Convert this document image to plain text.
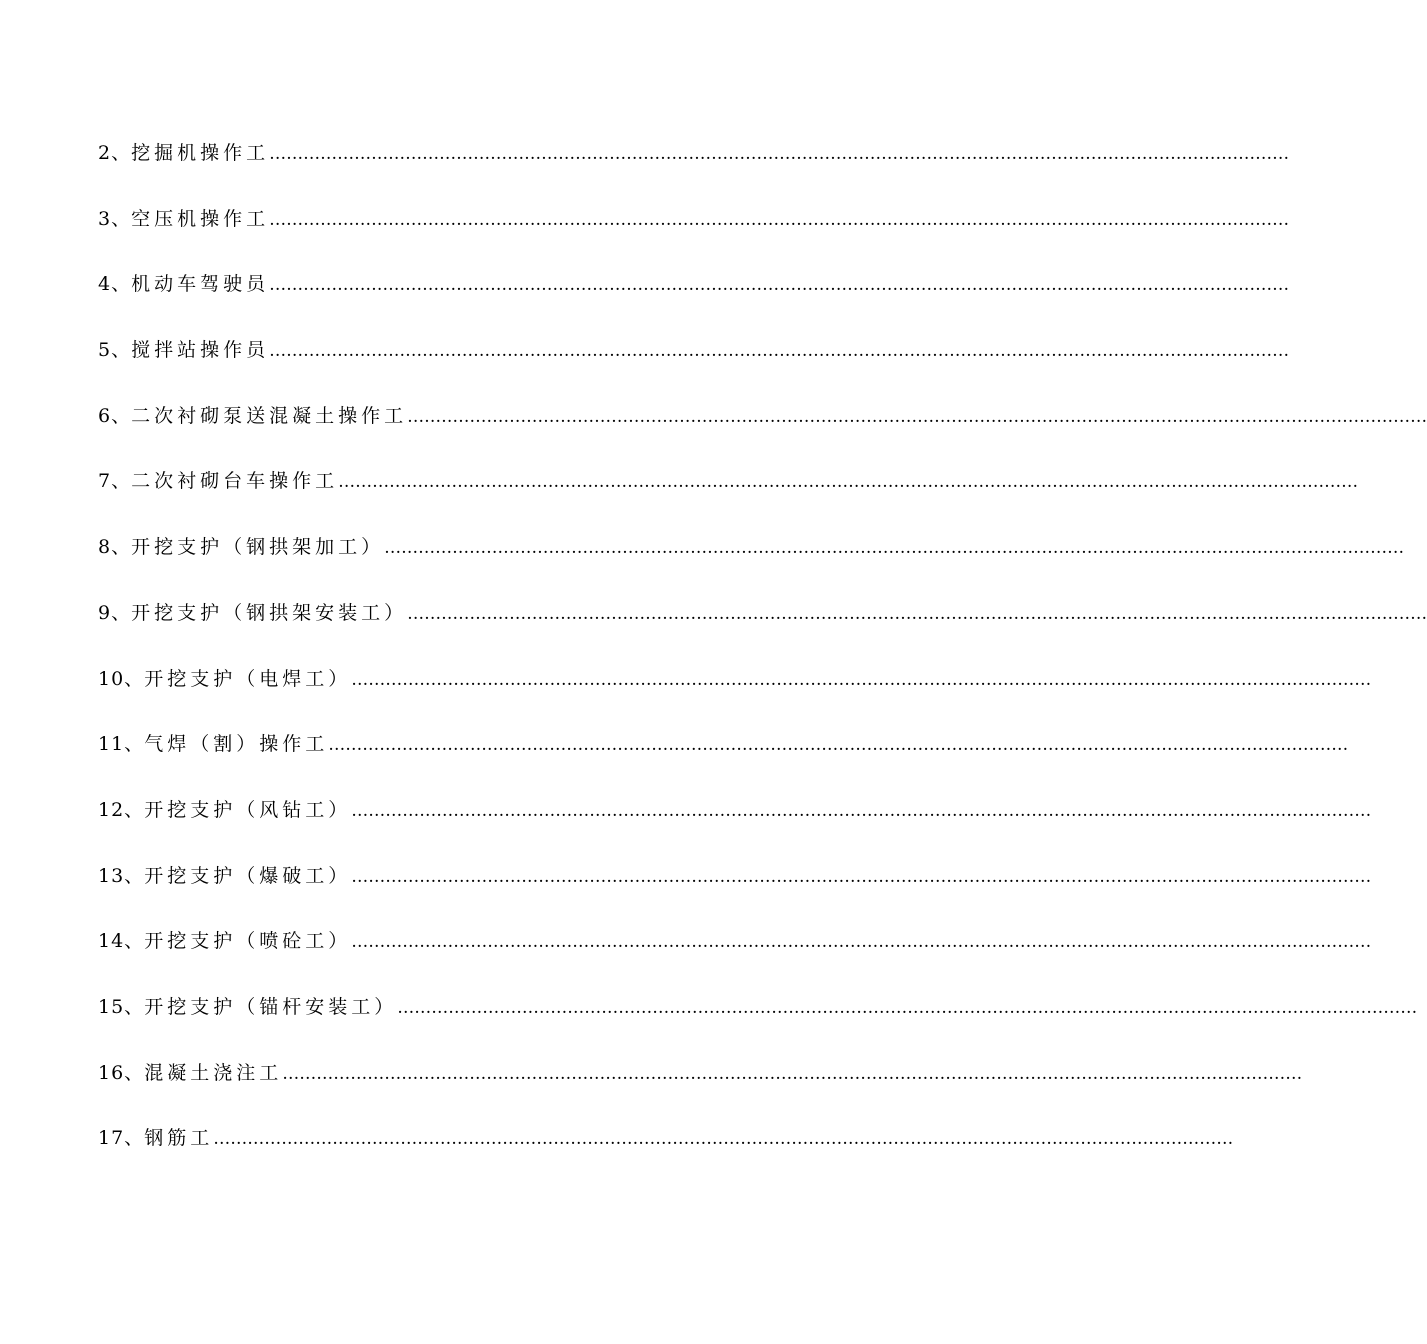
2、 挖掘机操作工 ………………………………………………………………………………………………………………………………………………………………
3、 空压机操作工 ………………………………………………………………………………………………………………………………………………………………
4、 机动车驾驶员 ………………………………………………………………………………………………………………………………………………………………
5、 搅拌站操作员 ………………………………………………………………………………………………………………………………………………………………
6、 二次衬砌泵送混凝土操作工 ………………………………………………………………………………………………………………………………………………………………
7、 二次衬砌台车操作工 ………………………………………………………………………………………………………………………………………………………………
8、 开挖支护（钢拱架加工） ………………………………………………………………………………………………………………………………………………………………
9、 开挖支护（钢拱架安装工） ………………………………………………………………………………………………………………………………………………………………
10、 开挖支护（电焊工） ………………………………………………………………………………………………………………………………………………………………
11、 气焊（割）操作工 ………………………………………………………………………………………………………………………………………………………………
12、 开挖支护（风钻工） ………………………………………………………………………………………………………………………………………………………………
13、 开挖支护（爆破工） ………………………………………………………………………………………………………………………………………………………………
14、 开挖支护（喷砼工） ………………………………………………………………………………………………………………………………………………………………
15、 开挖支护（锚杆安装工） ………………………………………………………………………………………………………………………………………………………………
16、 混凝土浇注工 ………………………………………………………………………………………………………………………………………………………………
17、 钢筋工 ………………………………………………………………………………………………………………………………………………………………
